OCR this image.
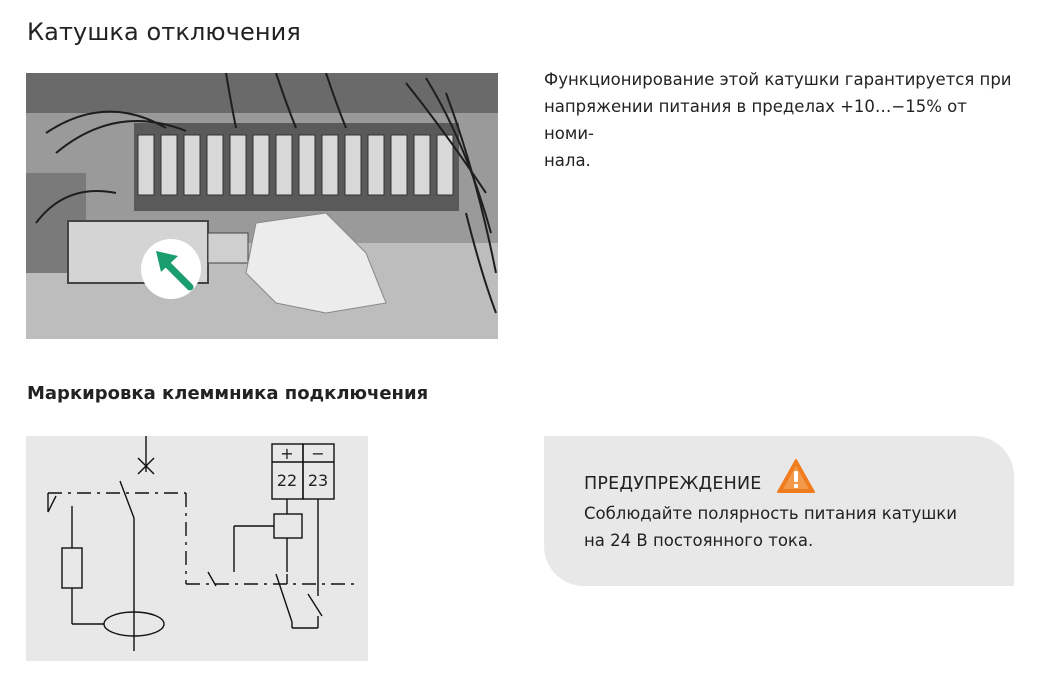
Катушка отключения

Функционирование этой катушки гарантируется при
напряжении питания в пределах +10…−15% от номи-
нала.

Маркировка клеммника подключения
+ −
22 23	ПРЕДУПРЕЖДЕНИЕ

Соблюдайте полярность питания катушки
на 24 В постоянного тока.
